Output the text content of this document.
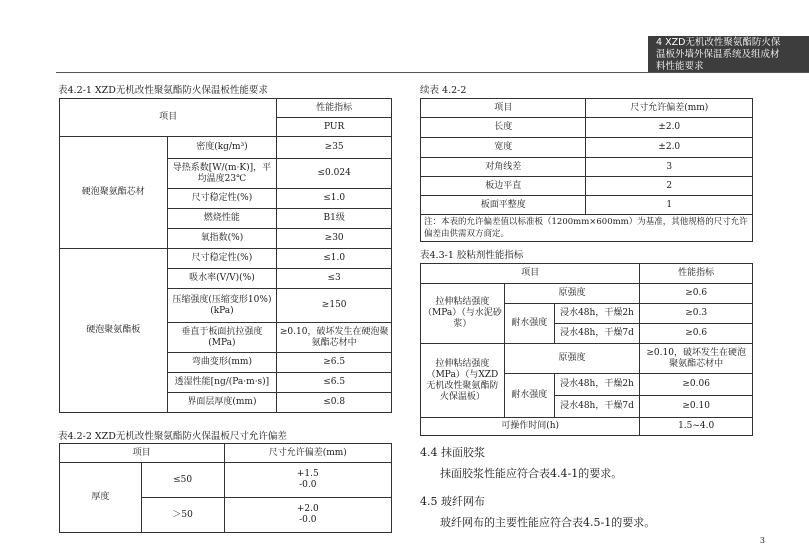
4 XZD无机改性聚氨酯防火保
温板外墙外保温系统及组成材
料性能要求
表4.2-1 XZD无机改性聚氨酯防火保温板性能要求
项目		性能指标
		PUR
硬泡聚氨酯芯材	密度(kg/m³)	≥35
	导热系数[W/(m·K)]，平均温度23℃	≤0.024
	尺寸稳定性(%)	≤1.0
	燃烧性能	B1级
	氧指数(%)	≥30
硬泡聚氨酯板	尺寸稳定性(%)	≤1.0
	吸水率(V/V)(%)	≤3
	压缩强度(压缩变形10%)(kPa)	≥150
	垂直于板面抗拉强度(MPa)	≥0.10，破坏发生在硬泡聚氨酯芯材中
	弯曲变形(mm)	≥6.5
	透湿性能[ng/(Pa·m·s)]	≤6.5
	界面层厚度(mm)	≤0.8
表4.2-2 XZD无机改性聚氨酯防火保温板尺寸允许偏差
项目		尺寸允许偏差(mm)
厚度	≤50	+1.5
-0.0

	＞50	+2.0
-0.0
续表 4.2-2
项目	尺寸允许偏差(mm)
长度	±2.0
宽度	±2.0
对角线差	3
板边平直	2
板面平整度	1
注：本表的允许偏差值以标准板（1200mm×600mm）为基准，其他规格的尺寸允许偏差由供需双方商定。	
表4.3-1 胶粘剂性能指标
项目			性能指标
拉伸粘结强度（MPa）（与水泥砂浆）	原强度		≥0.6
	耐水强度	浸水48h，干燥2h	≥0.3
		浸水48h，干燥7d	≥0.6
拉伸粘结强度（MPa）（与XZD无机改性聚氨酯防火保温板）	原强度		≥0.10，破坏发生在硬泡聚氨酯芯材中
	耐水强度	浸水48h，干燥2h	≥0.06
		浸水48h，干燥7d	≥0.10
可操作时间(h)			1.5~4.0
4.4 抹面胶浆
抹面胶浆性能应符合表4.4-1的要求。
4.5 玻纤网布
玻纤网布的主要性能应符合表4.5-1的要求。
3
